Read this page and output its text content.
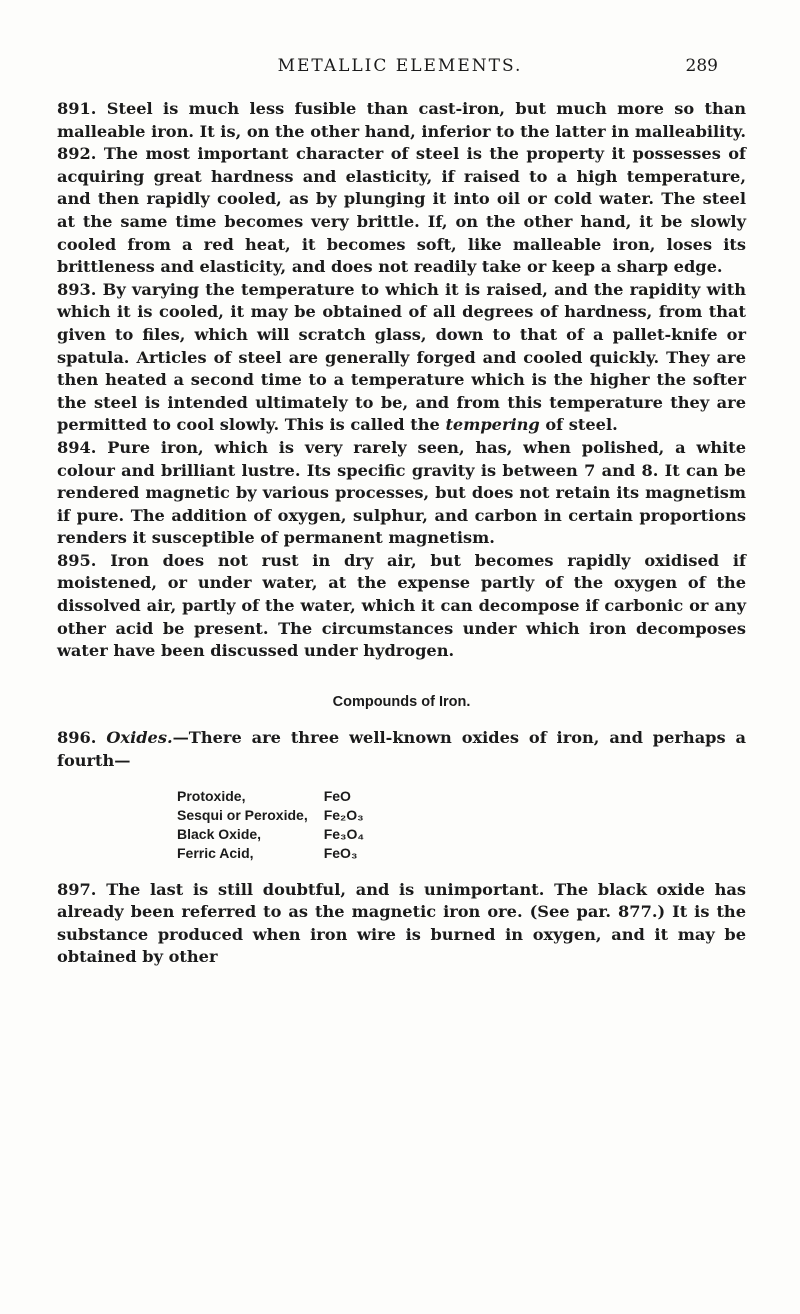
METALLIC ELEMENTS.	289

891. Steel is much less fusible than cast-iron, but much more so than malleable iron. It is, on the other hand, inferior to the latter in malleability.

892. The most important character of steel is the property it possesses of acquiring great hardness and elasticity, if raised to a high temperature, and then rapidly cooled, as by plunging it into oil or cold water. The steel at the same time becomes very brittle. If, on the other hand, it be slowly cooled from a red heat, it becomes soft, like malleable iron, loses its brittleness and elasticity, and does not readily take or keep a sharp edge.

893. By varying the temperature to which it is raised, and the rapidity with which it is cooled, it may be obtained of all degrees of hardness, from that given to files, which will scratch glass, down to that of a pallet-knife or spatula. Articles of steel are generally forged and cooled quickly. They are then heated a second time to a temperature which is the higher the softer the steel is intended ultimately to be, and from this temperature they are permitted to cool slowly. This is called the tempering of steel.

894. Pure iron, which is very rarely seen, has, when polished, a white colour and brilliant lustre. Its specific gravity is between 7 and 8. It can be rendered magnetic by various processes, but does not retain its magnetism if pure. The addition of oxygen, sulphur, and carbon in certain proportions renders it susceptible of permanent magnetism.

895. Iron does not rust in dry air, but becomes rapidly oxidised if moistened, or under water, at the expense partly of the oxygen of the dissolved air, partly of the water, which it can decompose if carbonic or any other acid be present. The circumstances under which iron decomposes water have been discussed under hydrogen.

Compounds of Iron.

896. Oxides.—There are three well-known oxides of iron, and perhaps a fourth—

Protoxide,	FeO
Sesqui or Peroxide,	Fe₂O₃
Black Oxide,	Fe₃O₄
Ferric Acid,	FeO₃

897. The last is still doubtful, and is unimportant. The black oxide has already been referred to as the magnetic iron ore. (See par. 877.) It is the substance produced when iron wire is burned in oxygen, and it may be obtained by other
